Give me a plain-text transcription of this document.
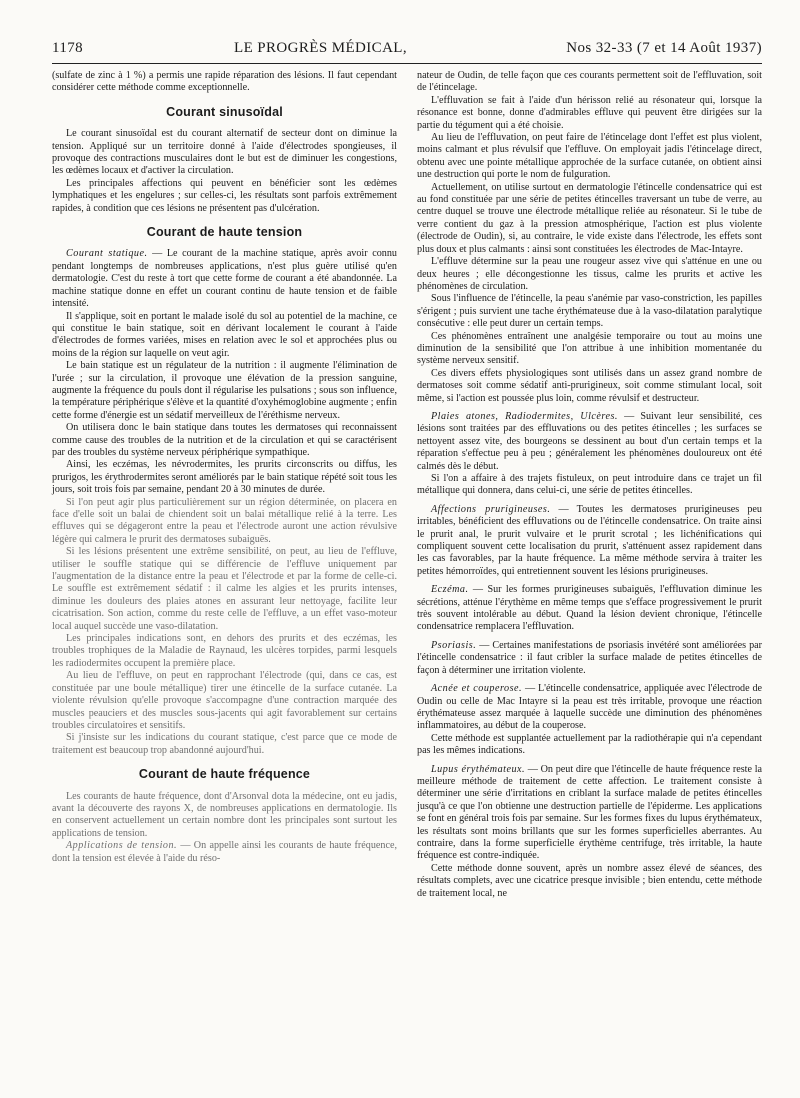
1178	LE PROGRÈS MÉDICAL,	Nos 32-33 (7 et 14 Août 1937)

(sulfate de zinc à 1 %) a permis une rapide réparation des lésions. Il faut cependant considérer cette méthode comme exceptionnelle.

Courant sinusoïdal

Le courant sinusoïdal est du courant alternatif de secteur dont on diminue la tension. Appliqué sur un territoire donné à l'aide d'électrodes spongieuses, il provoque des contractions musculaires dont le but est de diminuer les congestions, les œdèmes locaux et d'activer la circulation.

Les principales affections qui peuvent en bénéficier sont les œdèmes lymphatiques et les engelures ; sur celles-ci, les résultats sont parfois extrêmement rapides, à condition que ces lésions ne présentent pas d'ulcération.

Courant de haute tension

Courant statique. — Le courant de la machine statique, après avoir connu pendant longtemps de nombreuses applications, n'est plus guère utilisé qu'en dermatologie. C'est du reste à tort que cette forme de courant a été abandonnée. La machine statique donne en effet un courant continu de haute tension et de faible intensité.

Il s'applique, soit en portant le malade isolé du sol au potentiel de la machine, ce qui constitue le bain statique, soit en dérivant localement le courant à l'aide d'électrodes de formes variées, mises en relation avec le sol et approchées plus ou moins de la région sur laquelle on veut agir.

Le bain statique est un régulateur de la nutrition : il augmente l'élimination de l'urée ; sur la circulation, il provoque une élévation de la pression sanguine, augmente la fréquence du pouls dont il régularise les pulsations ; sous son influence, la température périphérique s'élève et la quantité d'oxyhémoglobine augmente ; enfin cette forme d'énergie est un sédatif merveilleux de l'éréthisme nerveux.

On utilisera donc le bain statique dans toutes les dermatoses qui reconnaissent comme cause des troubles de la nutrition et de la circulation et qui se caractérisent par des troubles du système nerveux périphérique sympathique.

Ainsi, les eczémas, les névrodermites, les prurits circonscrits ou diffus, les prurigos, les érythrodermites seront améliorés par le bain statique répété soit tous les jours, soit trois fois par semaine, pendant 20 à 30 minutes de durée.

Si l'on peut agir plus particulièrement sur un région déterminée, on placera en face d'elle soit un balai de chiendent soit un balai métallique relié à la terre. Les effluves qui se dégageront entre la peau et l'électrode auront une action révulsive légère qui calmera le prurit des dermatoses subaiguës.

Si les lésions présentent une extrême sensibilité, on peut, au lieu de l'effluve, utiliser le souffle statique qui se différencie de l'effluve uniquement par l'augmentation de la distance entre la peau et l'électrode et par la forme de celle-ci. Le souffle est extrêmement sédatif : il calme les algies et les prurits intenses, diminue les douleurs des plaies atones en assurant leur nettoyage, facilite leur cicatrisation. Son action, comme du reste celle de l'effluve, a un effet vaso-moteur local auquel succède une vaso-dilatation.

Les principales indications sont, en dehors des prurits et des eczémas, les troubles trophiques de la Maladie de Raynaud, les ulcères torpides, parmi lesquels les radiodermites occupent la première place.

Au lieu de l'effluve, on peut en rapprochant l'électrode (qui, dans ce cas, est constituée par une boule métallique) tirer une étincelle de la surface cutanée. La violente révulsion qu'elle provoque s'accompagne d'une contraction marquée des muscles peauciers et des muscles sous-jacents qui agit favorablement sur certains troubles circulatoires et sensitifs.

Si j'insiste sur les indications du courant statique, c'est parce que ce mode de traitement est beaucoup trop abandonné aujourd'hui.

Courant de haute fréquence

Les courants de haute fréquence, dont d'Arsonval dota la médecine, ont eu jadis, avant la découverte des rayons X, de nombreuses applications en dermatologie. Ils en conservent actuellement un certain nombre dont les principales sont surtout les applications de tension.

Applications de tension. — On appelle ainsi les courants de haute fréquence, dont la tension est élevée à l'aide du réso-

nateur de Oudin, de telle façon que ces courants permettent soit de l'effluvation, soit de l'étincelage.

L'effluvation se fait à l'aide d'un hérisson relié au résonateur qui, lorsque la résonance est bonne, donne d'admirables effluve qui peuvent être dirigées sur la partie du tégument qui a été choisie.

Au lieu de l'effluvation, on peut faire de l'étincelage dont l'effet est plus violent, moins calmant et plus révulsif que l'effluve. On employait jadis l'étincelage direct, obtenu avec une pointe métallique approchée de la surface cutanée, on obtient ainsi une destruction qui porte le nom de fulguration.

Actuellement, on utilise surtout en dermatologie l'étincelle condensatrice qui est au fond constituée par une série de petites étincelles traversant un tube de verre, au centre duquel se trouve une électrode métallique reliée au résonateur. Si le tube de verre contient du gaz à la pression atmosphérique, l'action est plus violente (électrode de Oudin), si, au contraire, le vide existe dans l'électrode, les effets sont plus doux et plus calmants : ainsi sont constituées les électrodes de Mac-Intayre.

L'effluve détermine sur la peau une rougeur assez vive qui s'atténue en une ou deux heures ; elle décongestionne les tissus, calme les prurits et active les phénomènes de circulation.

Sous l'influence de l'étincelle, la peau s'anémie par vaso-constriction, les papilles s'érigent ; puis survient une tache érythémateuse due à la vaso-dilatation paralytique consécutive : elle peut durer un certain temps.

Ces phénomènes entraînent une analgésie temporaire ou tout au moins une diminution de la sensibilité que l'on attribue à une inhibition momentanée du système nerveux sensitif.

Ces divers effets physiologiques sont utilisés dans un assez grand nombre de dermatoses soit comme sédatif anti-prurigineux, soit comme stimulant local, soit même, si l'action est poussée plus loin, comme révulsif et destructeur.

Plaies atones, Radiodermites, Ulcères. — Suivant leur sensibilité, ces lésions sont traitées par des effluvations ou des petites étincelles ; les surfaces se nettoyent assez vite, des bourgeons se dessinent au bout d'un certain temps et la réparation s'effectue peu à peu ; généralement les phénomènes douloureux ont été calmés dès le début.

Si l'on a affaire à des trajets fistuleux, on peut introduire dans ce trajet un fil métallique qui donnera, dans celui-ci, une série de petites étincelles.

Affections prurigineuses. — Toutes les dermatoses prurigineuses peu irritables, bénéficient des effluvations ou de l'étincelle condensatrice. On traite ainsi le prurit anal, le prurit vulvaire et le prurit scrotal ; les lichénifications qui compliquent souvent cette localisation du prurit, s'atténuent assez rapidement dans les cas favorables, par la haute fréquence. La même méthode servira à traiter les petites hémorroïdes, qui entretiennent souvent les lésions prurigineuses.

Eczéma. — Sur les formes prurigineuses subaiguës, l'effluvation diminue les sécrétions, atténue l'érythème en même temps que s'efface progressivement le prurit très souvent intolérable au début. Quand la lésion devient chronique, l'étincelle condensatrice remplacera l'effluvation.

Psoriasis. — Certaines manifestations de psoriasis invétéré sont améliorées par l'étincelle condensatrice : il faut cribler la surface malade de petites étincelles de façon à déterminer une irritation violente.

Acnée et couperose. — L'étincelle condensatrice, appliquée avec l'électrode de Oudin ou celle de Mac Intayre si la peau est très irritable, provoque une réaction érythémateuse assez marquée à laquelle succède une diminution des phénomènes inflammatoires, au début de la couperose.

Cette méthode est supplantée actuellement par la radiothérapie qui n'a cependant pas les mêmes indications.

Lupus érythémateux. — On peut dire que l'étincelle de haute fréquence reste la meilleure méthode de traitement de cette affection. Le traitement consiste à déterminer une série d'irritations en criblant la surface malade de petites étincelles jusqu'à ce que l'on obtienne une destruction partielle de l'épiderme. Les applications se font en général trois fois par semaine. Sur les formes fixes du lupus érythémateux, les résultats sont moins brillants que sur les formes superficielles aberrantes. Au contraire, dans la forme superficielle érythème centrifuge, très irritable, la haute fréquence est contre-indiquée.

Cette méthode donne souvent, après un nombre assez élevé de séances, des résultats complets, avec une cicatrice presque invisible ; bien entendu, cette méthode de traitement local, ne
